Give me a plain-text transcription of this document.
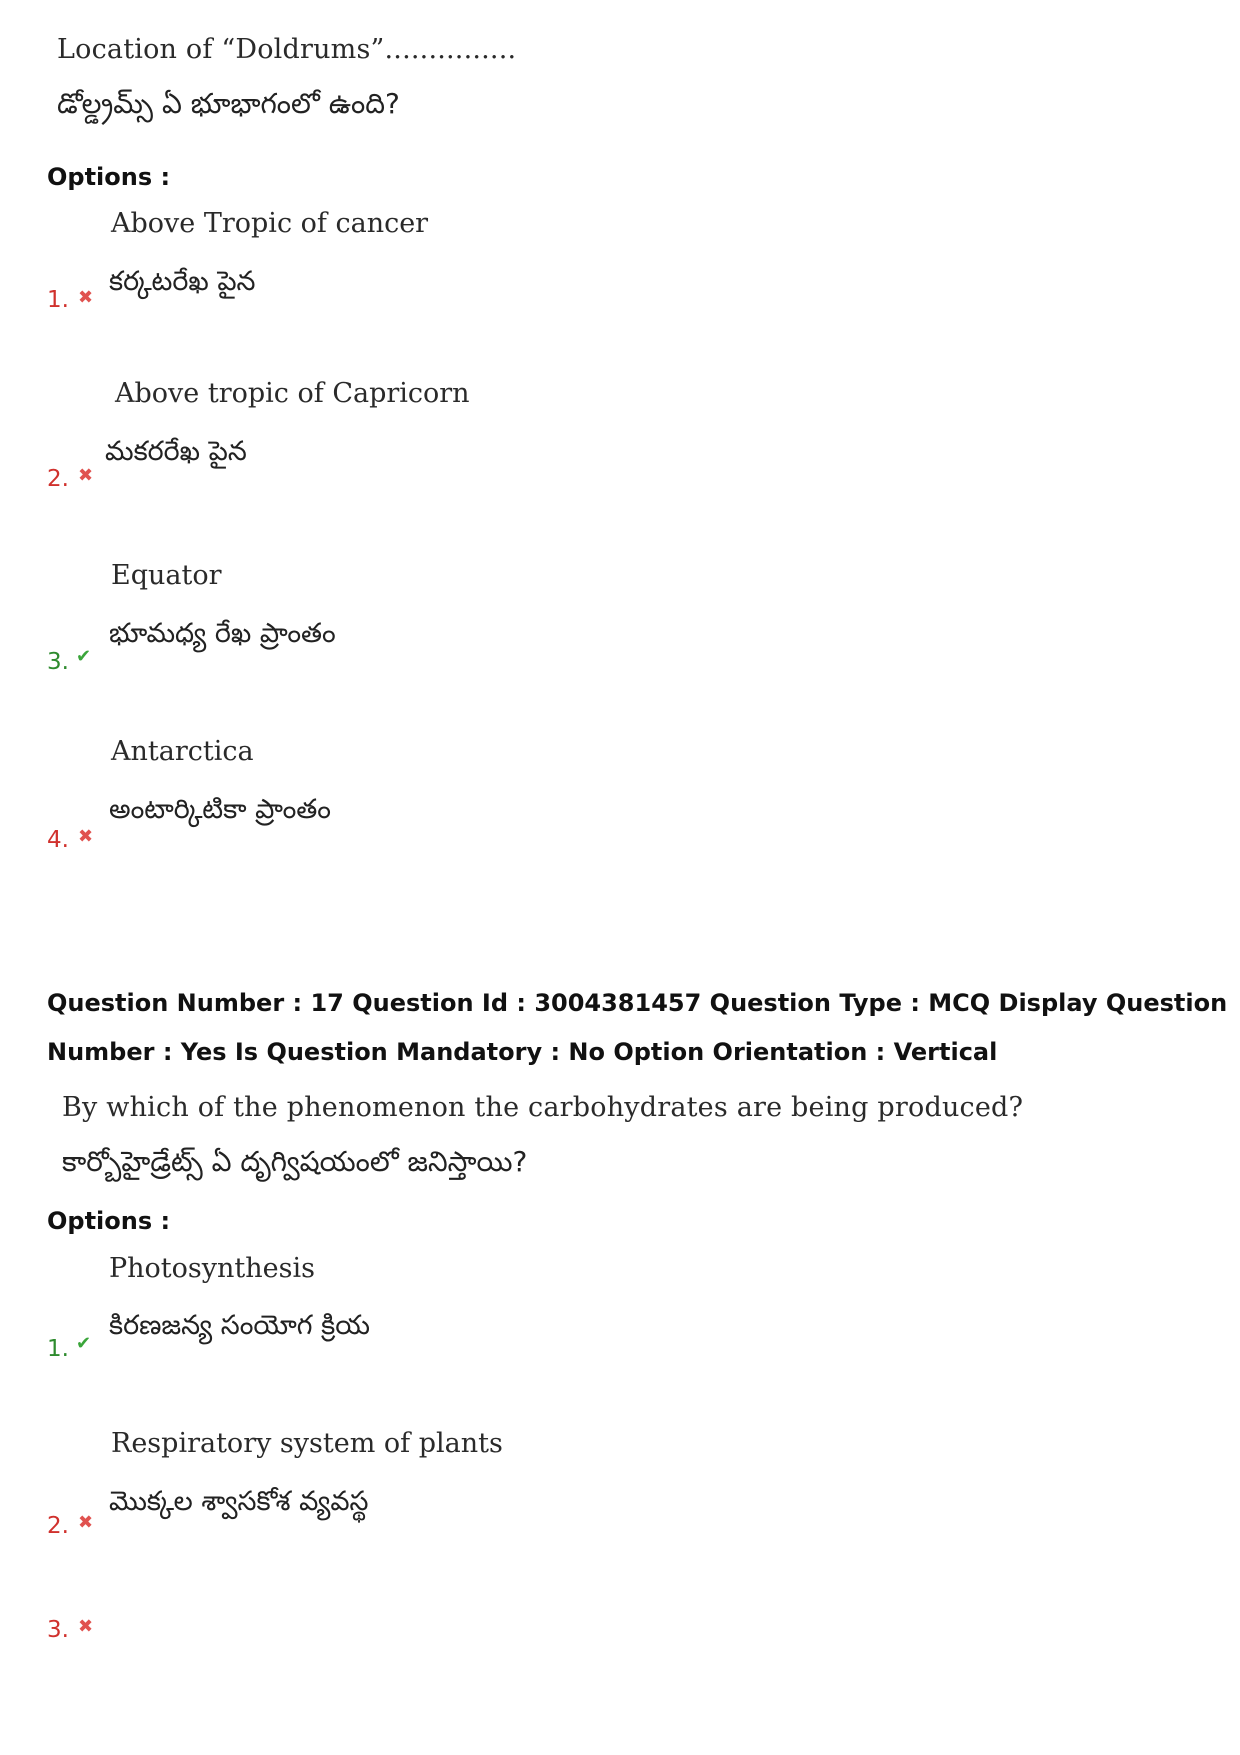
Location of “Doldrums”...............
డోల్డ్రమ్స్ ఏ భూభాగంలో ఉంది?
Options :
Above Tropic of cancer
కర్కటరేఖ పైన
1. ✖
Above tropic of Capricorn
మకరరేఖ పైన
2. ✖
Equator
భూమధ్య రేఖ ప్రాంతం
3. ✔
Antarctica
అంటార్కిటికా ప్రాంతం
4. ✖
Question Number : 17 Question Id : 3004381457 Question Type : MCQ Display Question
Number : Yes Is Question Mandatory : No Option Orientation : Vertical
By which of the phenomenon the carbohydrates are being produced?
కార్బోహైడ్రేట్స్ ఏ దృగ్విషయంలో జనిస్తాయి?
Options :
Photosynthesis
కిరణజన్య సంయోగ క్రియ
1. ✔
Respiratory system of plants
మొక్కల శ్వాసకోశ వ్యవస్థ
2. ✖
3. ✖
